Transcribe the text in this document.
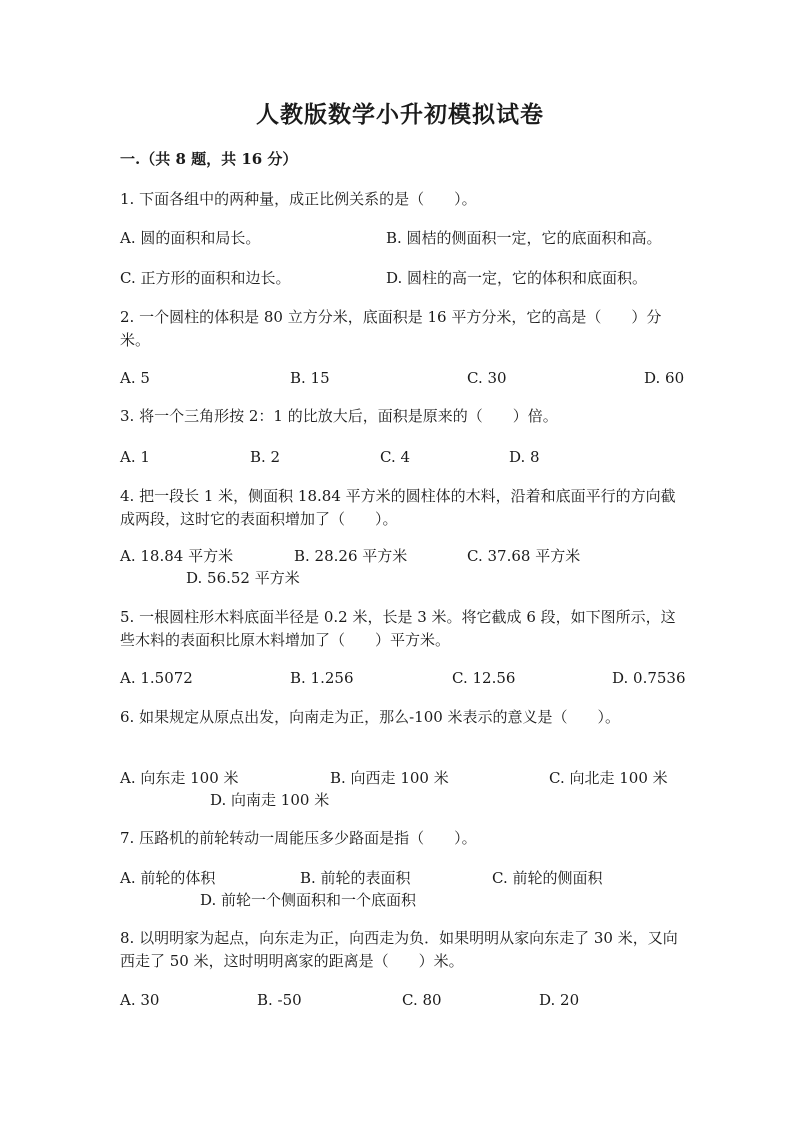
人教版数学小升初模拟试卷
一.（共 8 题，共 16 分）
1. 下面各组中的两种量，成正比例关系的是（　　）。
A. 圆的面积和局长。	B. 圆桔的侧面积一定，它的底面积和高。
C. 正方形的面积和边长。	D. 圆柱的高一定，它的体积和底面积。
2. 一个圆柱的体积是 80 立方分米，底面积是 16 平方分米，它的高是（　　）分米。
A. 5	B. 15	C. 30	D. 60
3. 将一个三角形按 2：1 的比放大后，面积是原来的（　　）倍。
A. 1	B. 2	C. 4	D. 8
4. 把一段长 1 米，侧面积 18.84 平方米的圆柱体的木料，沿着和底面平行的方向截成两段，这时它的表面积增加了（　　）。
A. 18.84 平方米	B. 28.26 平方米	C. 37.68 平方米
D. 56.52 平方米
5. 一根圆柱形木料底面半径是 0.2 米，长是 3 米。将它截成 6 段，如下图所示，这些木料的表面积比原木料增加了（　　）平方米。
A. 1.5072	B. 1.256	C. 12.56	D. 0.7536
6. 如果规定从原点出发，向南走为正，那么-100 米表示的意义是（　　）。
A. 向东走 100 米	B. 向西走 100 米	C. 向北走 100 米
D. 向南走 100 米
7. 压路机的前轮转动一周能压多少路面是指（　　）。
A. 前轮的体积	B. 前轮的表面积	C. 前轮的侧面积
D. 前轮一个侧面积和一个底面积
8. 以明明家为起点，向东走为正，向西走为负．如果明明从家向东走了 30 米，又向西走了 50 米，这时明明离家的距离是（　　）米。
A. 30	B. -50	C. 80	D. 20
